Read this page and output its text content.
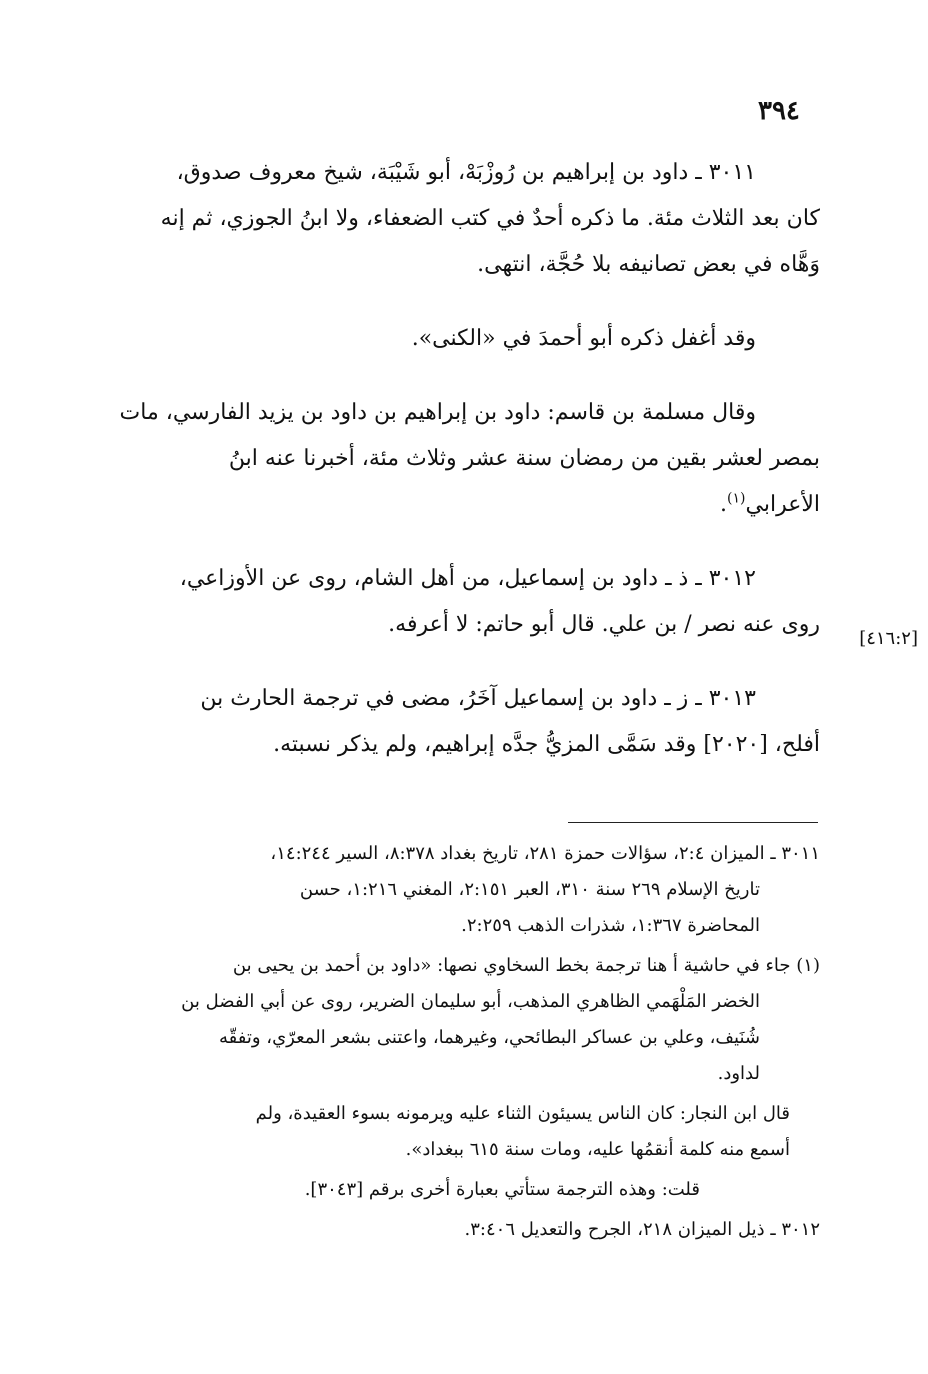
٣٩٤

٣٠١١ ـ داود بن إبراهيم بن رُوزْبَهْ، أبو شَيْبَة، شيخ معروف صدوق،
كان بعد الثلاث مئة. ما ذكره أحدٌ في كتب الضعفاء، ولا ابنُ الجوزي، ثم إنه
وَهَّاه في بعض تصانيفه بلا حُجَّة، انتهى.

وقد أغفل ذكره أبو أحمدَ في «الكنى».

وقال مسلمة بن قاسم: داود بن إبراهيم بن داود بن يزيد الفارسي، مات
بمصر لعشر بقين من رمضان سنة عشر وثلاث مئة، أخبرنا عنه ابنُ
الأعرابي$^{(١)}$.

٣٠١٢ ـ ذ ـ داود بن إسماعيل، من أهل الشام، روى عن الأوزاعي،
روى عنه نصر / بن علي. قال أبو حاتم: لا أعرفه.

٣٠١٣ ـ ز ـ داود بن إسماعيل آخَرُ، مضى في ترجمة الحارث بن
أفلح، [٢٠٢٠] وقد سَمَّى المزيُّ جدَّه إبراهيم، ولم يذكر نسبته.

[٤١٦:٢]
٣٠١١ ـ الميزان ٢:٤، سؤالات حمزة ٢٨١، تاريخ بغداد ٨:٣٧٨، السير ١٤:٢٤٤،
تاريخ الإسلام ٢٦٩ سنة ٣١٠، العبر ٢:١٥١، المغني ١:٢١٦، حسن
المحاضرة ١:٣٦٧، شذرات الذهب ٢:٢٥٩.
(١) جاء في حاشية أ هنا ترجمة بخط السخاوي نصها: «داود بن أحمد بن يحيى بن
الخضر المَلْهَمي الظاهري المذهب، أبو سليمان الضرير، روى عن أبي الفضل بن
شُنَيف، وعلي بن عساكر البطائحي، وغيرهما، واعتنى بشعر المعرّي، وتفقّه
لداود.
قال ابن النجار: كان الناس يسيئون الثناء عليه ويرمونه بسوء العقيدة، ولم
أسمع منه كلمة أنقمُها عليه، ومات سنة ٦١٥ ببغداد».
قلت: وهذه الترجمة ستأتي بعبارة أخرى برقم [٣٠٤٣].
٣٠١٢ ـ ذيل الميزان ٢١٨، الجرح والتعديل ٣:٤٠٦.
